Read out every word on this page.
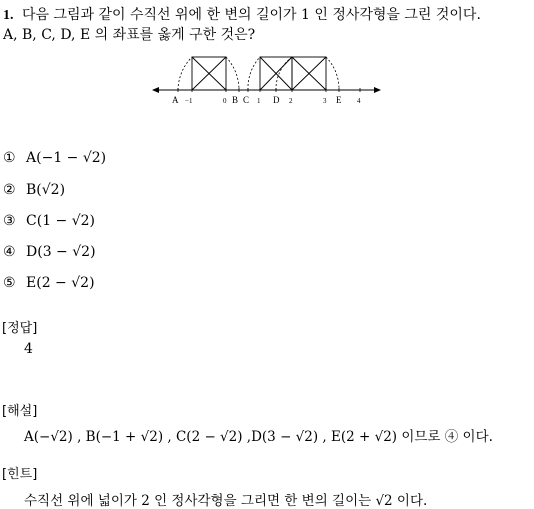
1. 다음 그림과 같이 수직선 위에 한 변의 길이가 1 인 정사각형을 그린 것이다.
A, B, C, D, E 의 좌표를 옳게 구한 것은?
A −1	0 B C 1 D 2	3 E 4
① A(−1 − √2)
② B(√2)
③ C(1 − √2)
④ D(3 − √2)
⑤ E(2 − √2)
[정답]
4
[해설]
A(−√2) , B(−1 + √2) , C(2 − √2) ,D(3 − √2) , E(2 + √2) 이므로 ④ 이다.
[힌트]
수직선 위에 넓이가 2 인 정사각형을 그리면 한 변의 길이는 √2 이다.
